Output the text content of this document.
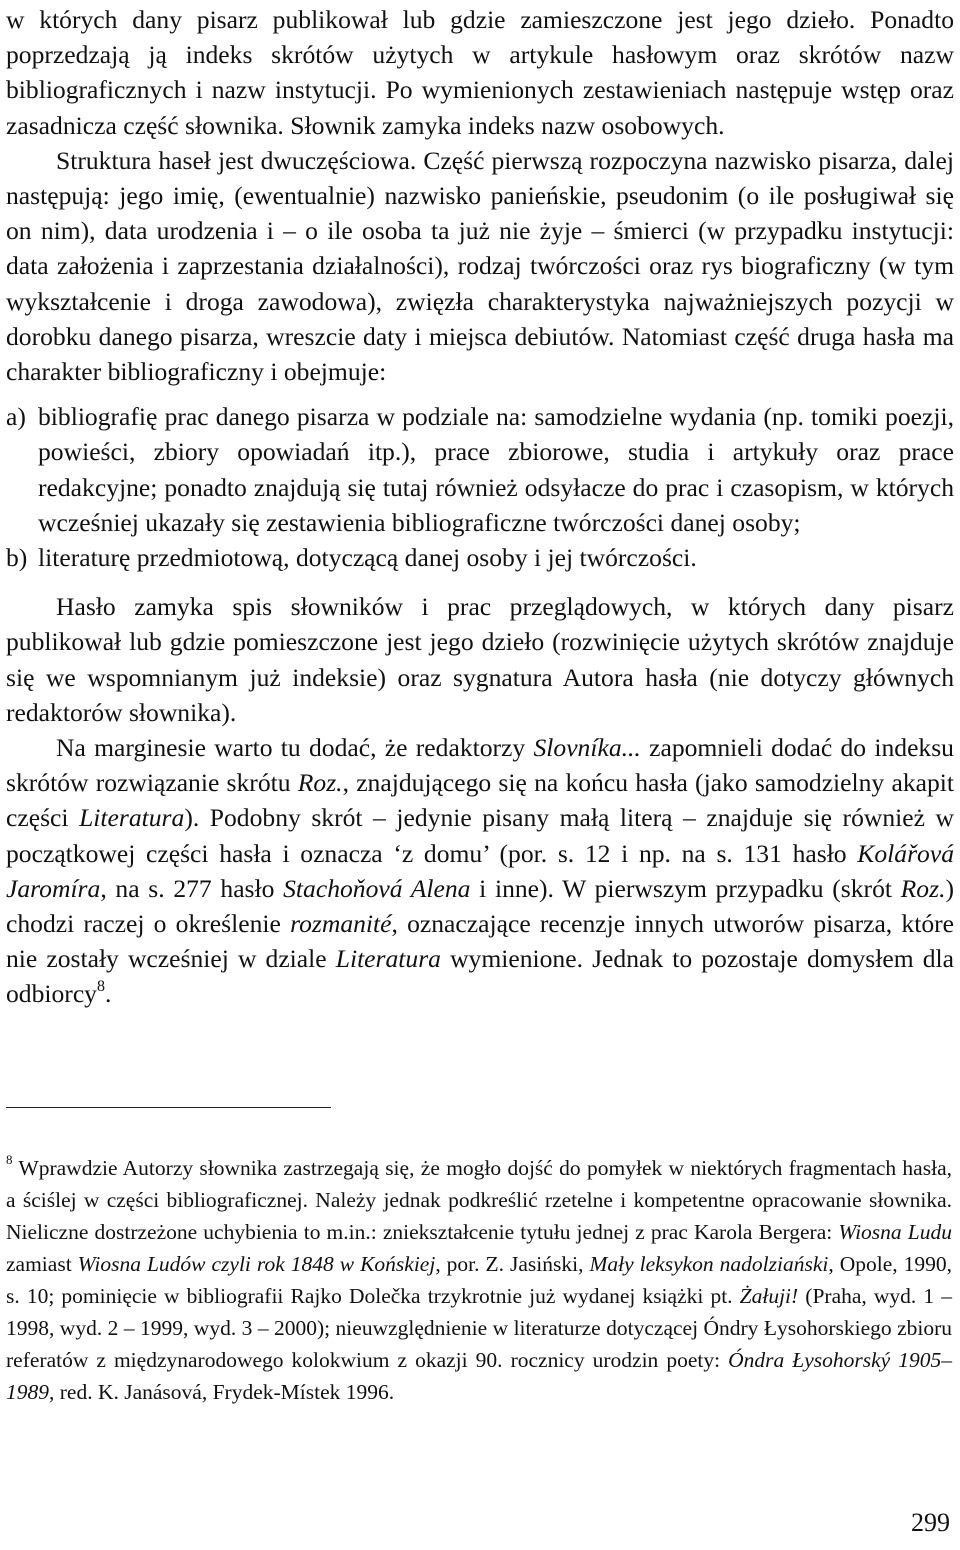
w których dany pisarz publikował lub gdzie zamieszczone jest jego dzieło. Ponadto poprzedzają ją indeks skrótów użytych w artykule hasłowym oraz skrótów nazw bibliograficznych i nazw instytucji. Po wymienionych zestawieniach następuje wstęp oraz zasadnicza część słownika. Słownik zamyka indeks nazw osobowych.

Struktura haseł jest dwuczęściowa. Część pierwszą rozpoczyna nazwisko pisarza, dalej następują: jego imię, (ewentualnie) nazwisko panieńskie, pseudonim (o ile posługiwał się on nim), data urodzenia i – o ile osoba ta już nie żyje – śmierci (w przypadku instytucji: data założenia i zaprzestania działalności), rodzaj twórczości oraz rys biograficzny (w tym wykształcenie i droga zawodowa), zwięzła charakterystyka najważniejszych pozycji w dorobku danego pisarza, wreszcie daty i miejsca debiutów. Natomiast część druga hasła ma charakter bibliograficzny i obejmuje:

a) bibliografię prac danego pisarza w podziale na: samodzielne wydania (np. tomiki poezji, powieści, zbiory opowiadań itp.), prace zbiorowe, studia i artykuły oraz prace redakcyjne; ponadto znajdują się tutaj również odsyłacze do prac i czasopism, w których wcześniej ukazały się zestawienia bibliograficzne twórczości danej osoby;
b) literaturę przedmiotową, dotyczącą danej osoby i jej twórczości.

Hasło zamyka spis słowników i prac przeglądowych, w których dany pisarz publikował lub gdzie pomieszczone jest jego dzieło (rozwinięcie użytych skrótów znajduje się we wspomnianym już indeksie) oraz sygnatura Autora hasła (nie dotyczy głównych redaktorów słownika).

Na marginesie warto tu dodać, że redaktorzy Slovníka... zapomnieli dodać do indeksu skrótów rozwiązanie skrótu Roz., znajdującego się na końcu hasła (jako samodzielny akapit części Literatura). Podobny skrót – jedynie pisany małą literą – znajduje się również w początkowej części hasła i oznacza ‘z domu’ (por. s. 12 i np. na s. 131 hasło Kolářová Jaromíra, na s. 277 hasło Stachoňová Alena i inne). W pierwszym przypadku (skrót Roz.) chodzi raczej o określenie rozmanité, oznaczające recenzje innych utworów pisarza, które nie zostały wcześniej w dziale Literatura wymienione. Jednak to pozostaje domysłem dla odbiorcy$^8$.

$^8$ Wprawdzie Autorzy słownika zastrzegają się, że mogło dojść do pomyłek w niektórych fragmentach hasła, a ściślej w części bibliograficznej. Należy jednak podkreślić rzetelne i kompetentne opracowanie słownika. Nieliczne dostrzeżone uchybienia to m.in.: zniekształcenie tytułu jednej z prac Karola Bergera: Wiosna Ludu zamiast Wiosna Ludów czyli rok 1848 w Końskiej, por. Z. Jasiński, Mały leksykon nadolziański, Opole, 1990, s. 10; pominięcie w bibliografii Rajko Dolečka trzykrotnie już wydanej książki pt. Żałuji! (Praha, wyd. 1 – 1998, wyd. 2 – 1999, wyd. 3 – 2000); nieuwzględnienie w literaturze dotyczącej Óndry Łysohorskiego zbioru referatów z międzynarodowego kolokwium z okazji 90. rocznicy urodzin poety: Óndra Łysohorský 1905–1989, red. K. Janásová, Frydek-Místek 1996.
299
